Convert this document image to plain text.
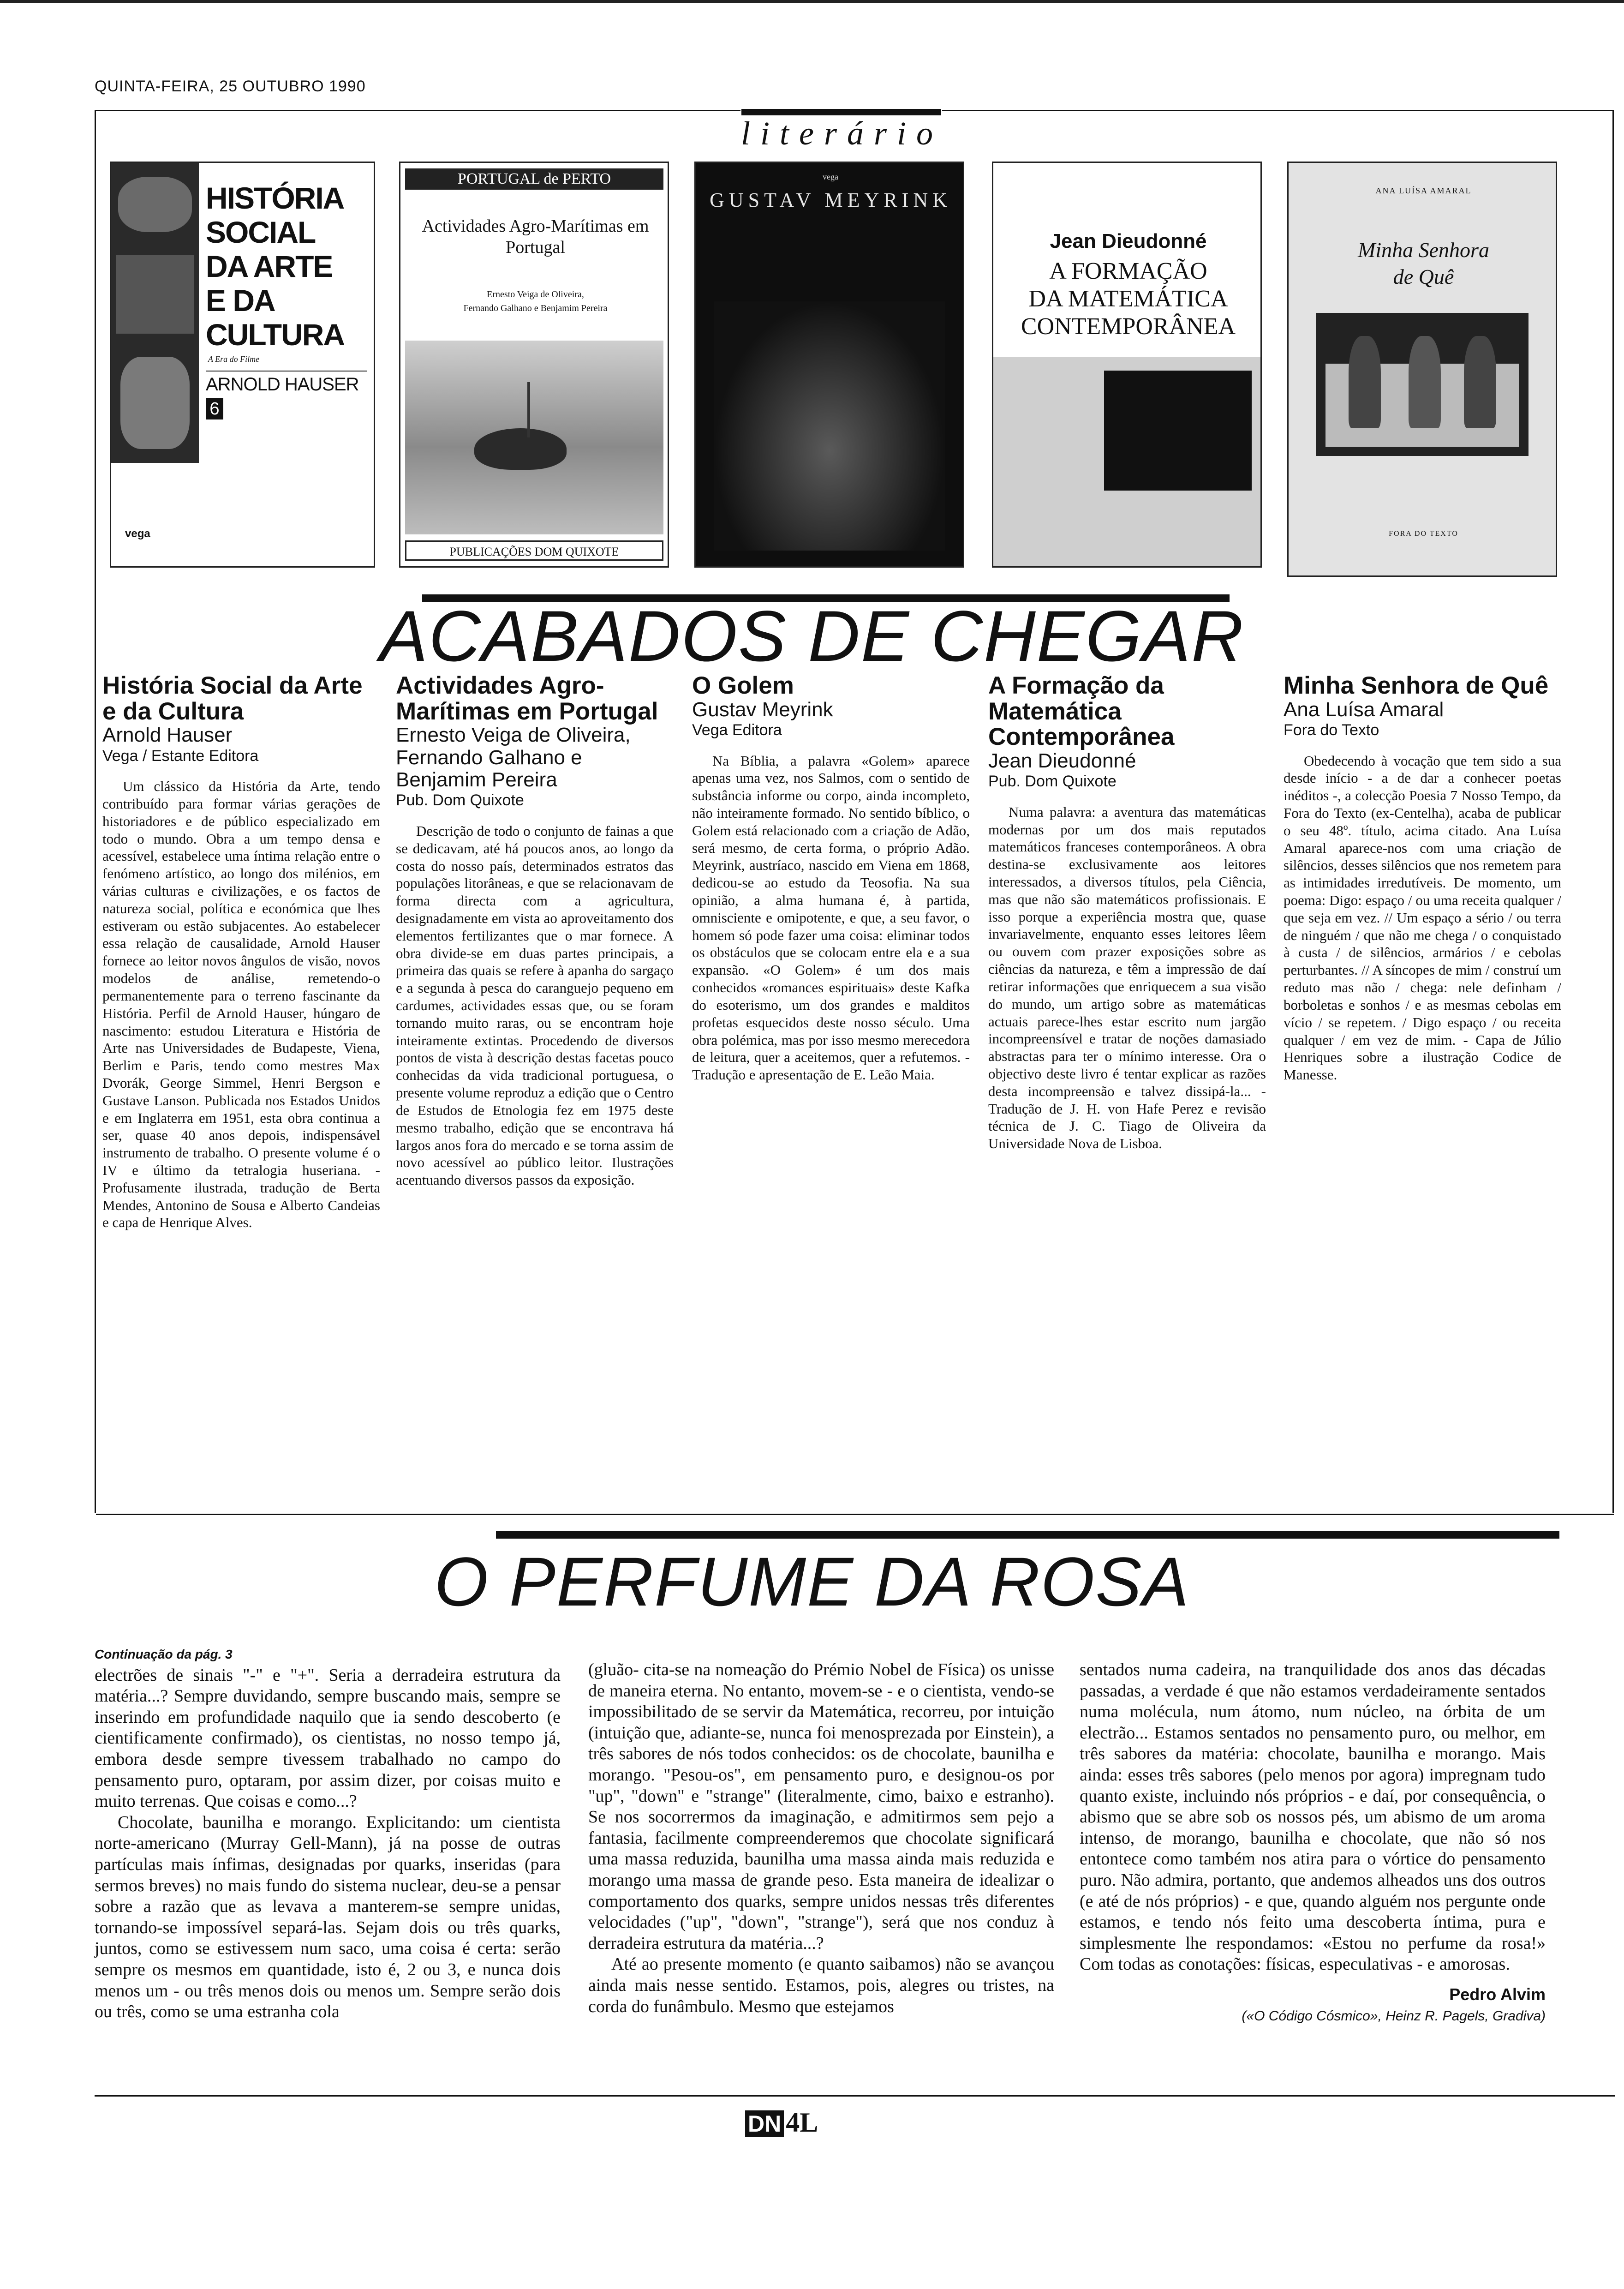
QUINTA-FEIRA, 25 OUTUBRO 1990
literário
HISTÓRIA
SOCIAL
DA ARTE
E DA
CULTURA
A Era do Filme
ARNOLD HAUSER
6
vega
PORTUGAL de PERTO
Actividades Agro-Marítimas em Portugal
Ernesto Veiga de Oliveira,
Fernando Galhano e Benjamim Pereira
PUBLICAÇÕES DOM QUIXOTE
vega
GUSTAV MEYRINK
Jean Dieudonné
A FORMAÇÃO
DA MATEMÁTICA
CONTEMPORÂNEA
ANA LUÍSA AMARAL
Minha Senhora
de Quê
FORA DO TEXTO
ACABADOS DE CHEGAR
História Social da Arte e da Cultura
Arnold Hauser
Vega / Estante Editora

Um clássico da História da Arte, tendo contribuído para formar várias gerações de historiadores e de público especializado em todo o mundo. Obra a um tempo densa e acessível, estabelece uma íntima relação entre o fenómeno artístico, ao longo dos milénios, em várias culturas e civilizações, e os factos de natureza social, política e económica que lhes estiveram ou estão subjacentes. Ao estabelecer essa relação de causalidade, Arnold Hauser fornece ao leitor novos ângulos de visão, novos modelos de análise, remetendo-o permanentemente para o terreno fascinante da História. Perfil de Arnold Hauser, húngaro de nascimento: estudou Literatura e História de Arte nas Universidades de Budapeste, Viena, Berlim e Paris, tendo como mestres Max Dvorák, George Simmel, Henri Bergson e Gustave Lanson. Publicada nos Estados Unidos e em Inglaterra em 1951, esta obra continua a ser, quase 40 anos depois, indispensável instrumento de trabalho. O presente volume é o IV e último da tetralogia huseriana. - Profusamente ilustrada, tradução de Berta Mendes, Antonino de Sousa e Alberto Candeias e capa de Henrique Alves.

Actividades Agro-Marítimas em Portugal
Ernesto Veiga de Oliveira, Fernando Galhano e Benjamim Pereira
Pub. Dom Quixote

Descrição de todo o conjunto de fainas a que se dedicavam, até há poucos anos, ao longo da costa do nosso país, determinados estratos das populações litorâneas, e que se relacionavam de forma directa com a agricultura, designadamente em vista ao aproveitamento dos elementos fertilizantes que o mar fornece. A obra divide-se em duas partes principais, a primeira das quais se refere à apanha do sargaço e a segunda à pesca do caranguejo pequeno em cardumes, actividades essas que, ou se foram tornando muito raras, ou se encontram hoje inteiramente extintas. Procedendo de diversos pontos de vista à descrição destas facetas pouco conhecidas da vida tradicional portuguesa, o presente volume reproduz a edição que o Centro de Estudos de Etnologia fez em 1975 deste mesmo trabalho, edição que se encontrava há largos anos fora do mercado e se torna assim de novo acessível ao público leitor. Ilustrações acentuando diversos passos da exposição.

O Golem
Gustav Meyrink
Vega Editora

Na Bíblia, a palavra «Golem» aparece apenas uma vez, nos Salmos, com o sentido de substância informe ou corpo, ainda incompleto, não inteiramente formado. No sentido bíblico, o Golem está relacionado com a criação de Adão, será mesmo, de certa forma, o próprio Adão. Meyrink, austríaco, nascido em Viena em 1868, dedicou-se ao estudo da Teosofia. Na sua opinião, a alma humana é, à partida, omnisciente e omipotente, e que, a seu favor, o homem só pode fazer uma coisa: eliminar todos os obstáculos que se colocam entre ela e a sua expansão. «O Golem» é um dos mais conhecidos «romances espirituais» deste Kafka do esoterismo, um dos grandes e malditos profetas esquecidos deste nosso século. Uma obra polémica, mas por isso mesmo merecedora de leitura, quer a aceitemos, quer a refutemos. - Tradução e apresentação de E. Leão Maia.

A Formação da Matemática Contemporânea
Jean Dieudonné
Pub. Dom Quixote

Numa palavra: a aventura das matemáticas modernas por um dos mais reputados matemáticos franceses contemporâneos. A obra destina-se exclusivamente aos leitores interessados, a diversos títulos, pela Ciência, mas que não são matemáticos profissionais. E isso porque a experiência mostra que, quase invariavelmente, enquanto esses leitores lêem ou ouvem com prazer exposições sobre as ciências da natureza, e têm a impressão de daí retirar informações que enriquecem a sua visão do mundo, um artigo sobre as matemáticas actuais parece-lhes estar escrito num jargão incompreensível e tratar de noções damasiado abstractas para ter o mínimo interesse. Ora o objectivo deste livro é tentar explicar as razões desta incompreensão e talvez dissipá-la... - Tradução de J. H. von Hafe Perez e revisão técnica de J. C. Tiago de Oliveira da Universidade Nova de Lisboa.

Minha Senhora de Quê
Ana Luísa Amaral
Fora do Texto

Obedecendo à vocação que tem sido a sua desde início - a de dar a conhecer poetas inéditos -, a colecção Poesia 7 Nosso Tempo, da Fora do Texto (ex-Centelha), acaba de publicar o seu 48º. título, acima citado. Ana Luísa Amaral aparece-nos com uma criação de silêncios, desses silêncios que nos remetem para as intimidades irredutíveis. De momento, um poema: Digo: espaço / ou uma receita qualquer / que seja em vez. // Um espaço a sério / ou terra de ninguém / que não me chega / o conquistado à custa / de silêncios, armários / e cebolas perturbantes. // A síncopes de mim / construí um reduto mas não / chega: nele definham / borboletas e sonhos / e as mesmas cebolas em vício / se repetem. / Digo espaço / ou receita qualquer / em vez de mim. - Capa de Júlio Henriques sobre a ilustração Codice de Manesse.

O PERFUME DA ROSA
Continuação da pág. 3

electrões de sinais "-" e "+". Seria a derradeira estrutura da matéria...? Sempre duvidando, sempre buscando mais, sempre se inserindo em profundidade naquilo que ia sendo descoberto (e cientificamente confirmado), os cientistas, no nosso tempo já, embora desde sempre tivessem trabalhado no campo do pensamento puro, optaram, por assim dizer, por coisas muito e muito terrenas. Que coisas e como...?

Chocolate, baunilha e morango. Explicitando: um cientista norte-americano (Murray Gell-Mann), já na posse de outras partículas mais ínfimas, designadas por quarks, inseridas (para sermos breves) no mais fundo do sistema nuclear, deu-se a pensar sobre a razão que as levava a manterem-se sempre unidas, tornando-se impossível separá-las. Sejam dois ou três quarks, juntos, como se estivessem num saco, uma coisa é certa: serão sempre os mesmos em quantidade, isto é, 2 ou 3, e nunca dois menos um - ou três menos dois ou menos um. Sempre serão dois ou três, como se uma estranha cola

(gluão- cita-se na nomeação do Prémio Nobel de Física) os unisse de maneira eterna. No entanto, movem-se - e o cientista, vendo-se impossibilitado de se servir da Matemática, recorreu, por intuição (intuição que, adiante-se, nunca foi menosprezada por Einstein), a três sabores de nós todos conhecidos: os de chocolate, baunilha e morango. "Pesou-os", em pensamento puro, e designou-os por "up", "down" e "strange" (literalmente, cimo, baixo e estranho). Se nos socorrermos da imaginação, e admitirmos sem pejo a fantasia, facilmente compreenderemos que chocolate significará uma massa reduzida, baunilha uma massa ainda mais reduzida e morango uma massa de grande peso. Esta maneira de idealizar o comportamento dos quarks, sempre unidos nessas três diferentes velocidades ("up", "down", "strange"), será que nos conduz à derradeira estrutura da matéria...?

Até ao presente momento (e quanto saibamos) não se avançou ainda mais nesse sentido. Estamos, pois, alegres ou tristes, na corda do funâmbulo. Mesmo que estejamos

sentados numa cadeira, na tranquilidade dos anos das décadas passadas, a verdade é que não estamos verdadeiramente sentados numa molécula, num átomo, num núcleo, na órbita de um electrão... Estamos sentados no pensamento puro, ou melhor, em três sabores da matéria: chocolate, baunilha e morango. Mais ainda: esses três sabores (pelo menos por agora) impregnam tudo quanto existe, incluindo nós próprios - e daí, por consequência, o abismo que se abre sob os nossos pés, um abismo de um aroma intenso, de morango, baunilha e chocolate, que não só nos entontece como também nos atira para o vórtice do pensamento puro. Não admira, portanto, que andemos alheados uns dos outros (e até de nós próprios) - e que, quando alguém nos pergunte onde estamos, e tendo nós feito uma descoberta íntima, pura e simplesmente lhe respondamos: «Estou no perfume da rosa!» Com todas as conotações: físicas, especulativas - e amorosas.

Pedro Alvim
(«O Código Cósmico», Heinz R. Pagels, Gradiva)
DN 4L
